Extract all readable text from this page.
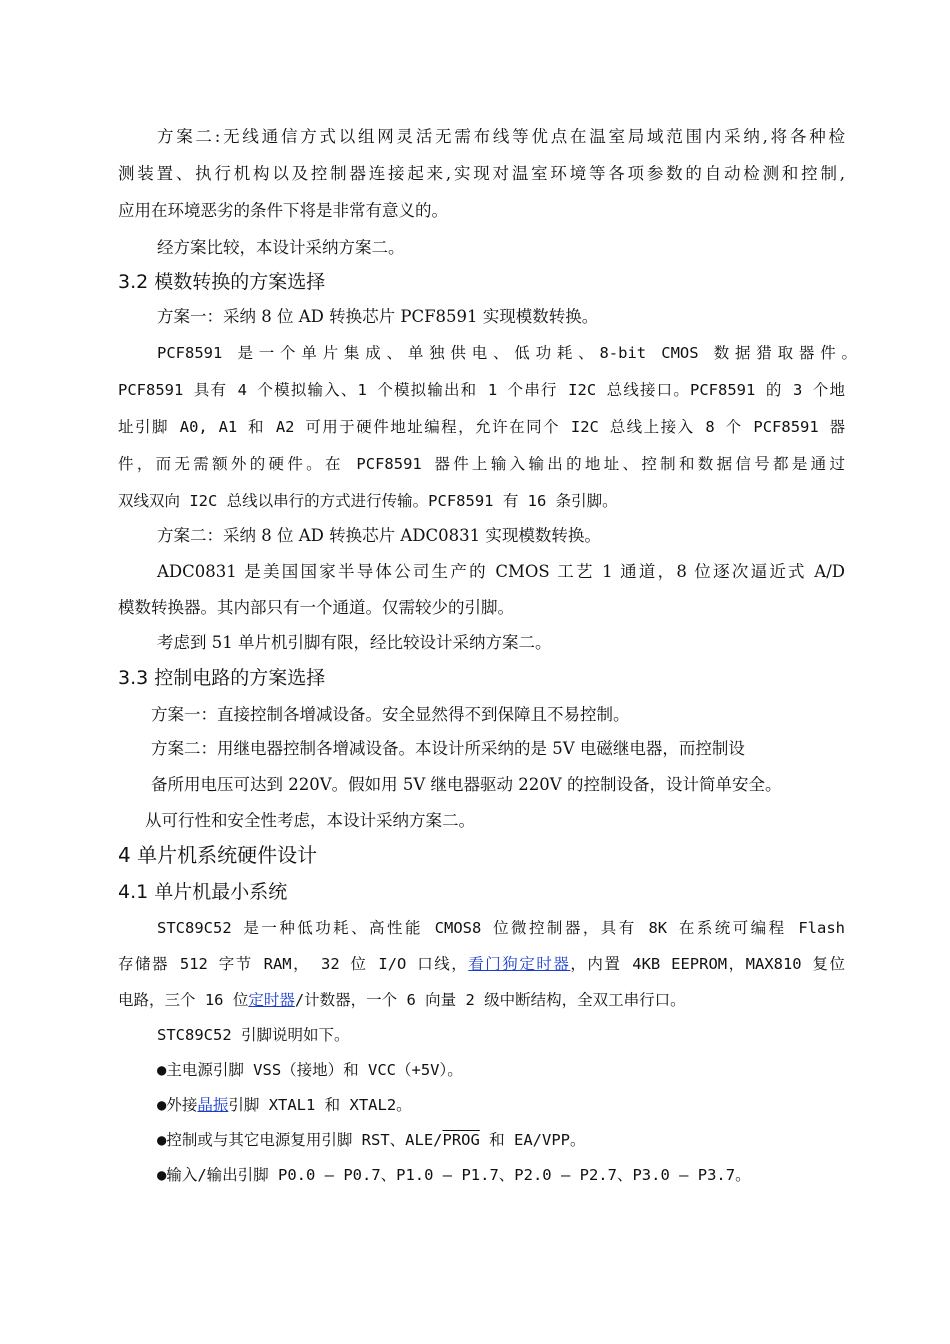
方案二:无线通信方式以组网灵活无需布线等优点在温室局域范围内采纳,将各种检
测装置、执行机构以及控制器连接起来,实现对温室环境等各项参数的自动检测和控制,
应用在环境恶劣的条件下将是非常有意义的。
经方案比较，本设计采纳方案二。
3.2 模数转换的方案选择
方案一：采纳 8 位 AD 转换芯片 PCF8591 实现模数转换。
PCF8591 是一个单片集成、单独供电、低功耗、8-bit CMOS 数据猎取器件。
PCF8591 具有 4 个模拟输入、1 个模拟输出和 1 个串行 I2C 总线接口。PCF8591 的 3 个地
址引脚 A0, A1 和 A2 可用于硬件地址编程，允许在同个 I2C 总线上接入 8 个 PCF8591 器
件，而无需额外的硬件。在 PCF8591 器件上输入输出的地址、控制和数据信号都是通过
双线双向 I2C 总线以串行的方式进行传输。PCF8591 有 16 条引脚。
方案二：采纳 8 位 AD 转换芯片 ADC0831 实现模数转换。
ADC0831 是美国国家半导体公司生产的 CMOS 工艺 1 通道，8 位逐次逼近式 A/D
模数转换器。其内部只有一个通道。仅需较少的引脚。
考虑到 51 单片机引脚有限，经比较设计采纳方案二。
3.3 控制电路的方案选择
方案一：直接控制各增减设备。安全显然得不到保障且不易控制。
方案二：用继电器控制各增减设备。本设计所采纳的是 5V 电磁继电器，而控制设
备所用电压可达到 220V。假如用 5V 继电器驱动 220V 的控制设备，设计简单安全。
从可行性和安全性考虑，本设计采纳方案二。
4 单片机系统硬件设计
4.1 单片机最小系统
STC89C52 是一种低功耗、高性能 CMOS8 位微控制器，具有 8K 在系统可编程 Flash
存储器 512 字节 RAM， 32 位 I/O 口线，看门狗定时器，内置 4KB EEPROM，MAX810 复位
电路，三个 16 位定时器/计数器，一个 6 向量 2 级中断结构，全双工串行口。
STC89C52 引脚说明如下。
●主电源引脚 VSS（接地）和 VCC（+5V）。
●外接晶振引脚 XTAL1 和 XTAL2。
●控制或与其它电源复用引脚 RST、ALE/PROG 和 EA/VPP。
●输入/输出引脚 P0.0 – P0.7、P1.0 – P1.7、P2.0 – P2.7、P3.0 – P3.7。
